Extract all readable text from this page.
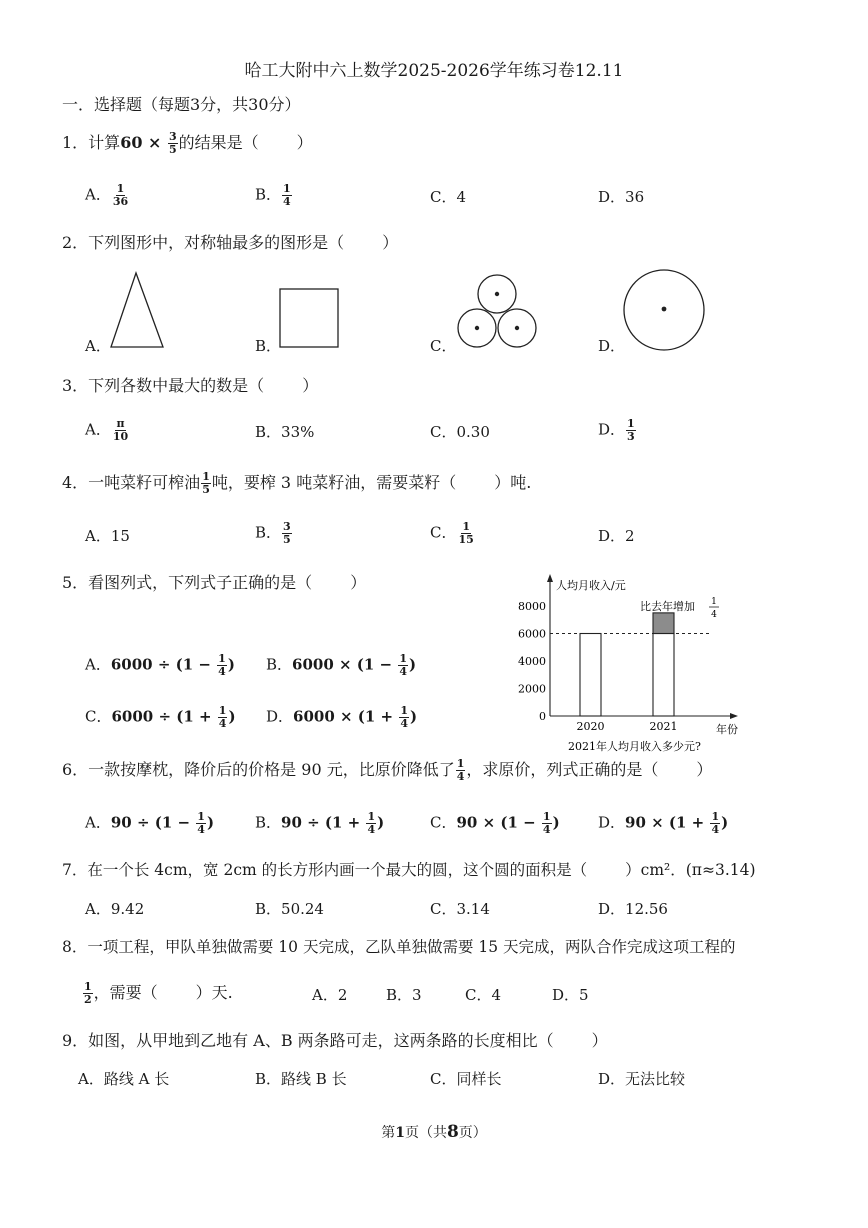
哈工大附中六上数学2025-2026学年练习卷12.11
一．选择题（每题3分，共30分）
1．计算$60 \times \frac{3}{5}$ 的结果是（ ）
A． $\frac{1}{36}$	B． $\frac{1}{4}$	C．4	D．36
2．下列图形中，对称轴最多的图形是（ ）
A．	B．	C．	D．
3．下列各数中最大的数是（ ）
A． $\frac{\pi}{10}$	B．33%	C．0.30	D． $\frac{1}{3}$
4．一吨菜籽可榨油 $\frac{1}{5}$ 吨，要榨 3 吨菜籽油，需要菜籽（ ）吨.
A．15	B． $\frac{3}{5}$	C． $\frac{1}{15}$	D．2
5．看图列式，下列式子正确的是（ ）
A．$6000 \div (1 - \frac{1}{4}$ ) B．$6000 \times (1 - \frac{1}{4}$ )
C．$6000 \div (1 + \frac{1}{4}$ ) D．$6000 \times (1 + \frac{1}{4}$ )
人均月收入/元
年份
0
2000
4000
6000
8000
2020	2021
比去年增加 1
4
2021年人均月收入多少元?
6．一款按摩枕，降价后的价格是 90 元，比原价降低了 $\frac{1}{4}$ ，求原价，列式正确的是（ ）
A．$90 \div (1 - \frac{1}{4}$ )	B．$90 \div (1 + \frac{1}{4}$ )	C．$90 \times (1 - \frac{1}{4}$ )	D．$90 \times (1 + \frac{1}{4}$ )
7．在一个长 4cm，宽 2cm 的长方形内画一个最大的圆，这个圆的面积是（ ）cm²．(π≈3.14)
A．9.42	B．50.24	C．3.14	D．12.56
8．一项工程，甲队单独做需要 10 天完成，乙队单独做需要 15 天完成，两队合作完成这项工程的
$\frac{1}{2}$ ，需要（ ）天.	A．2	B．3	C．4	D．5
9．如图，从甲地到乙地有 A、B 两条路可走，这两条路的长度相比（ ）
A．路线 A 长	B．路线 B 长	C．同样长	D．无法比较
第1页（共8页）
